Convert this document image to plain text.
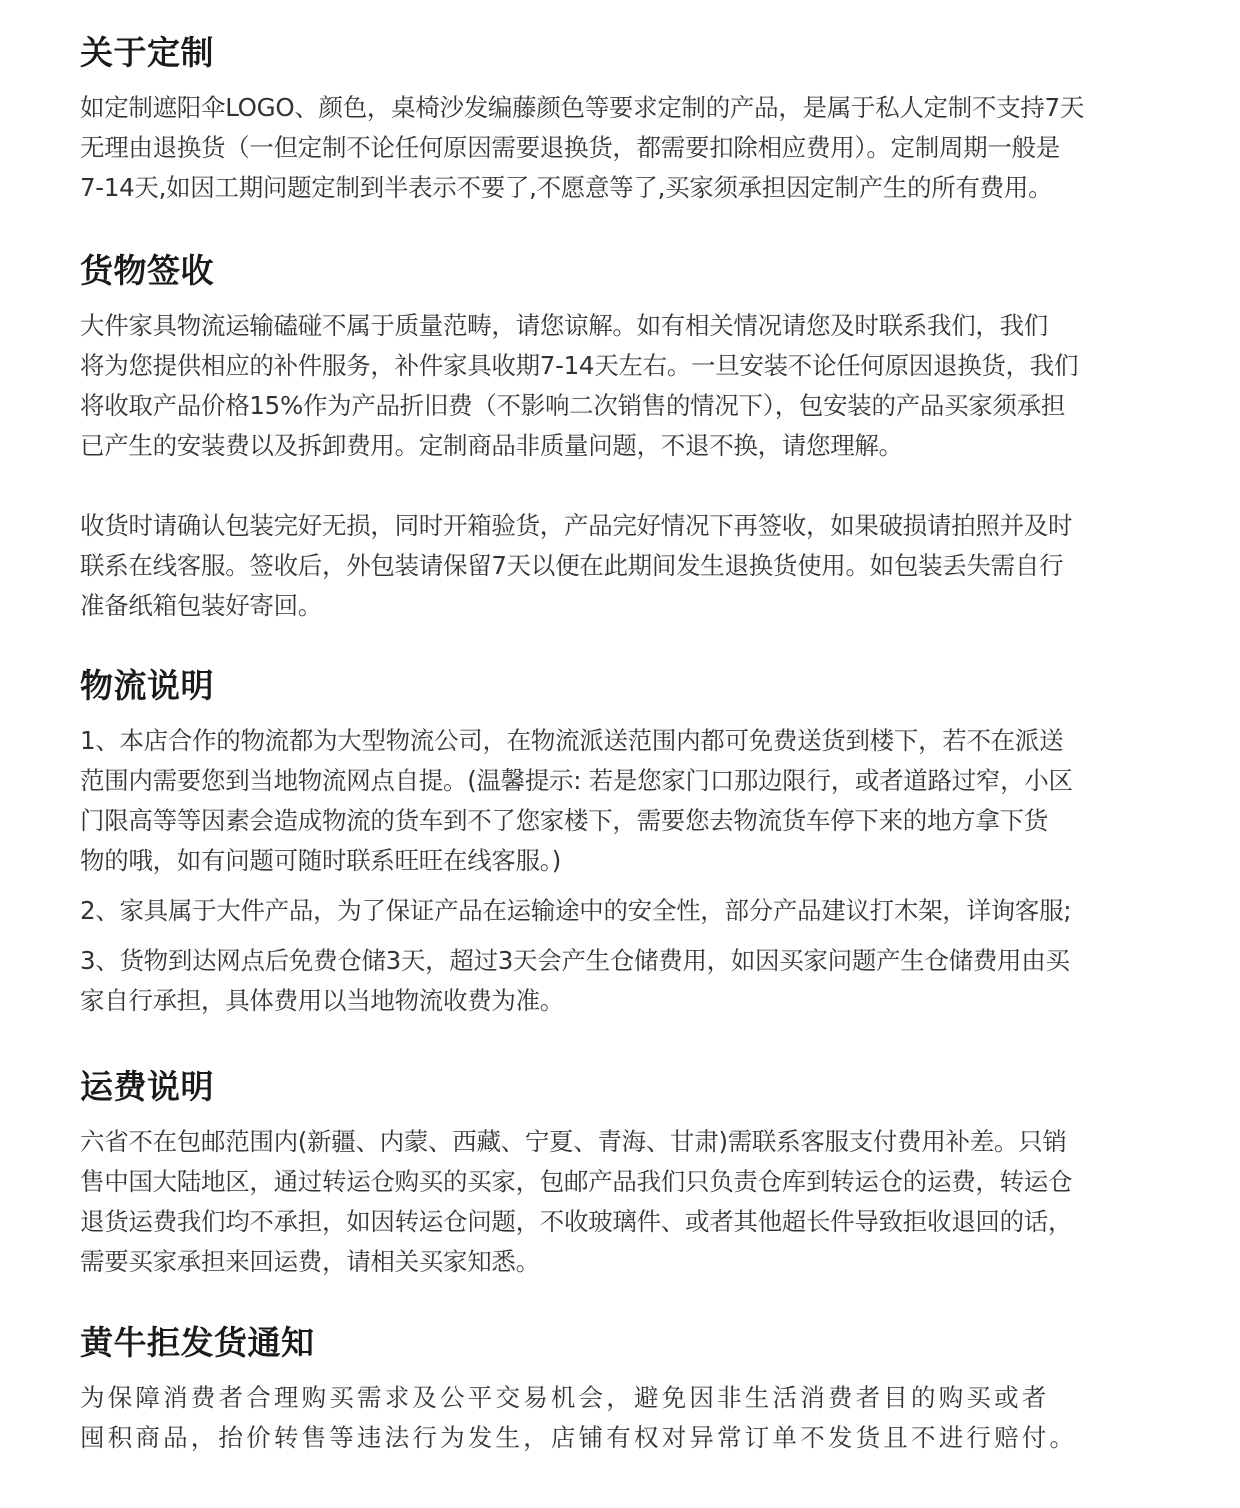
关于定制

如定制遮阳伞LOGO、颜色，桌椅沙发编藤颜色等要求定制的产品，是属于私人定制不支持7天
无理由退换货（一但定制不论任何原因需要退换货，都需要扣除相应费用）。定制周期一般是
7-14天,如因工期问题定制到半表示不要了,不愿意等了,买家须承担因定制产生的所有费用。

货物签收

大件家具物流运输磕碰不属于质量范畴，请您谅解。如有相关情况请您及时联系我们，我们
将为您提供相应的补件服务，补件家具收期7-14天左右。一旦安装不论任何原因退换货，我们
将收取产品价格15%作为产品折旧费（不影响二次销售的情况下），包安装的产品买家须承担
已产生的安装费以及拆卸费用。定制商品非质量问题，不退不换，请您理解。

收货时请确认包装完好无损，同时开箱验货，产品完好情况下再签收，如果破损请拍照并及时
联系在线客服。签收后，外包装请保留7天以便在此期间发生退换货使用。如包装丢失需自行
准备纸箱包装好寄回。

物流说明

1、本店合作的物流都为大型物流公司，在物流派送范围内都可免费送货到楼下，若不在派送
范围内需要您到当地物流网点自提。(温馨提示: 若是您家门口那边限行，或者道路过窄，小区
门限高等等因素会造成物流的货车到不了您家楼下，需要您去物流货车停下来的地方拿下货
物的哦，如有问题可随时联系旺旺在线客服。)

2、家具属于大件产品，为了保证产品在运输途中的安全性，部分产品建议打木架，详询客服;

3、货物到达网点后免费仓储3天，超过3天会产生仓储费用，如因买家问题产生仓储费用由买
家自行承担，具体费用以当地物流收费为准。

运费说明

六省不在包邮范围内(新疆、内蒙、西藏、宁夏、青海、甘肃)需联系客服支付费用补差。只销
售中国大陆地区，通过转运仓购买的买家，包邮产品我们只负责仓库到转运仓的运费，转运仓
退货运费我们均不承担，如因转运仓问题，不收玻璃件、或者其他超长件导致拒收退回的话，
需要买家承担来回运费，请相关买家知悉。

黄牛拒发货通知

为保障消费者合理购买需求及公平交易机会，避免因非生活消费者目的购买或者
囤积商品，抬价转售等违法行为发生，店铺有权对异常订单不发货且不进行赔付。
